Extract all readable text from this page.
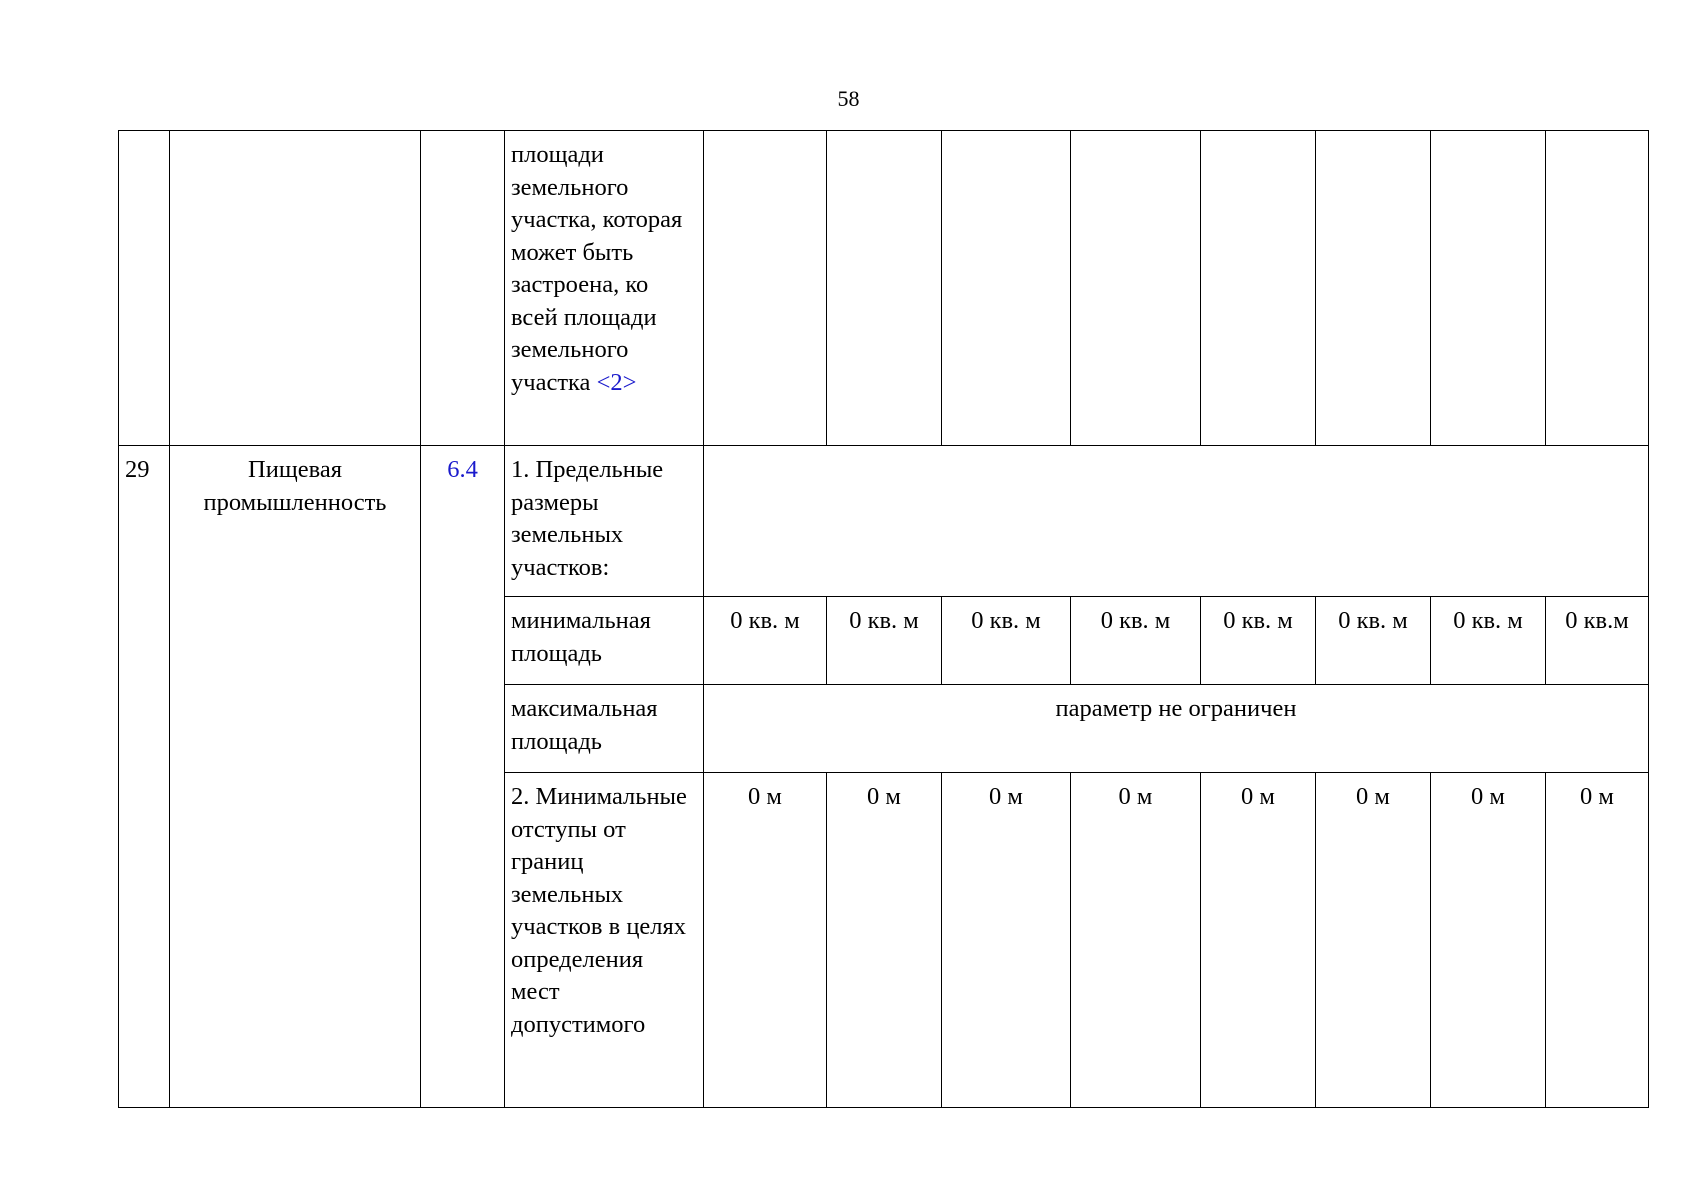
58
			площади земельного участка, которая может быть застроена, ко всей площади земельного участка <2>								
29	Пищевая промышленность	6.4	1. Предельные размеры земельных участков:								
			минимальная площадь	0 кв. м	0 кв. м	0 кв. м	0 кв. м	0 кв. м	0 кв. м	0 кв. м	0 кв.м
			максимальная площадь	параметр не ограничен							
			2. Минимальные отступы от границ земельных участков в целях определения мест допустимого	0 м	0 м	0 м	0 м	0 м	0 м	0 м	0 м
